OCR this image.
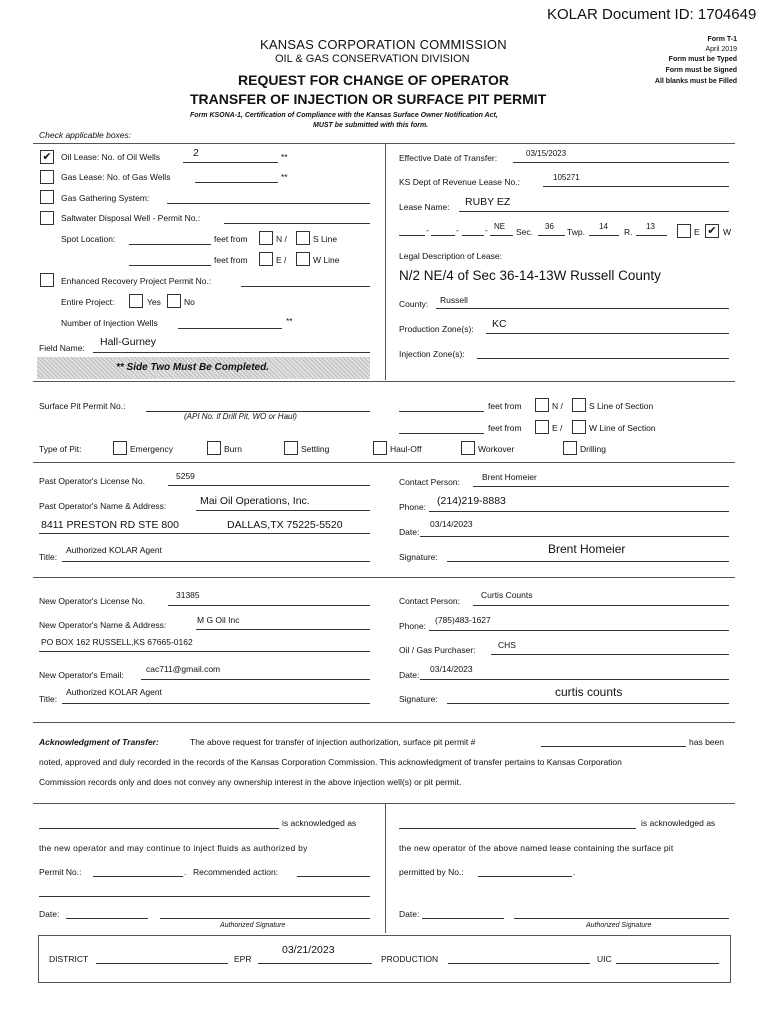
KOLAR Document ID: 1704649
KANSAS CORPORATION COMMISSION
OIL & GAS CONSERVATION DIVISION
Form T-1
April 2019
Form must be Typed
Form must be Signed
All blanks must be Filled
REQUEST FOR CHANGE OF OPERATOR
TRANSFER OF INJECTION OR SURFACE PIT PERMIT
Form KSONA-1, Certification of Compliance with the Kansas Surface Owner Notification Act,
MUST be submitted with this form.
Check applicable boxes:
✔ Oil Lease: No. of Oil Wells	2	**
Gas Lease: No. of Gas Wells	**
Gas Gathering System:
Saltwater Disposal Well - Permit No.:
Spot Location:	feet from	N /	S Line
feet from	E /	W Line
Enhanced Recovery Project Permit No.:
Entire Project:	Yes	No
Number of Injection Wells	**
Field Name: Hall-Gurney
** Side Two Must Be Completed.
Effective Date of Transfer:	03/15/2023
KS Dept of Revenue Lease No.:	105271
Lease Name: RUBY EZ
-	-	- NE
Sec.
36
Twp.
14
R.
13
E ✔ W
Legal Description of Lease:
N/2 NE/4 of Sec 36-14-13W Russell County
County: Russell
Production Zone(s): KC
Injection Zone(s):
Surface Pit Permit No.:
(API No. if Drill Pit, WO or Haul)
feet from	N /	S Line of Section
feet from	E /	W Line of Section
Type of Pit:	Emergency	Burn	Settling	Haul-Off	Workover	Drilling
Past Operator's License No.	5259
Past Operator's Name & Address:	Mai Oil Operations, Inc.
8411 PRESTON RD STE 800	DALLAS,TX 75225-5520
Title:
Authorized KOLAR Agent
Contact Person:	Brent Homeier
Phone: (214)219-8883
Date:
03/14/2023
Signature:
Brent Homeier
New Operator's License No.
31385
New Operator's Name & Address:	M G Oil Inc
PO BOX 162 RUSSELL,KS 67665-0162
New Operator's Email:
cac711@gmail.com
Title:
Authorized KOLAR Agent
Contact Person:
Curtis Counts
Phone:
(785)483-1627
Oil / Gas Purchaser:	CHS
Date:
03/14/2023
Signature:	curtis counts
Acknowledgment of Transfer:	The above request for transfer of injection authorization, surface pit permit #	has been
noted, approved and duly recorded in the records of the Kansas Corporation Commission. This acknowledgment of transfer pertains to Kansas Corporation
Commission records only and does not convey any ownership interest in the above injection well(s) or pit permit.
is acknowledged as
the new operator and may continue to inject fluids as authorized by
Permit No.:	. Recommended action:
Date:
Authorized Signature
is acknowledged as
the new operator of the above named lease containing the surface pit
permitted by No.:	.
Date:
Authorized Signature
DISTRICT	EPR
03/21/2023
PRODUCTION	UIC
